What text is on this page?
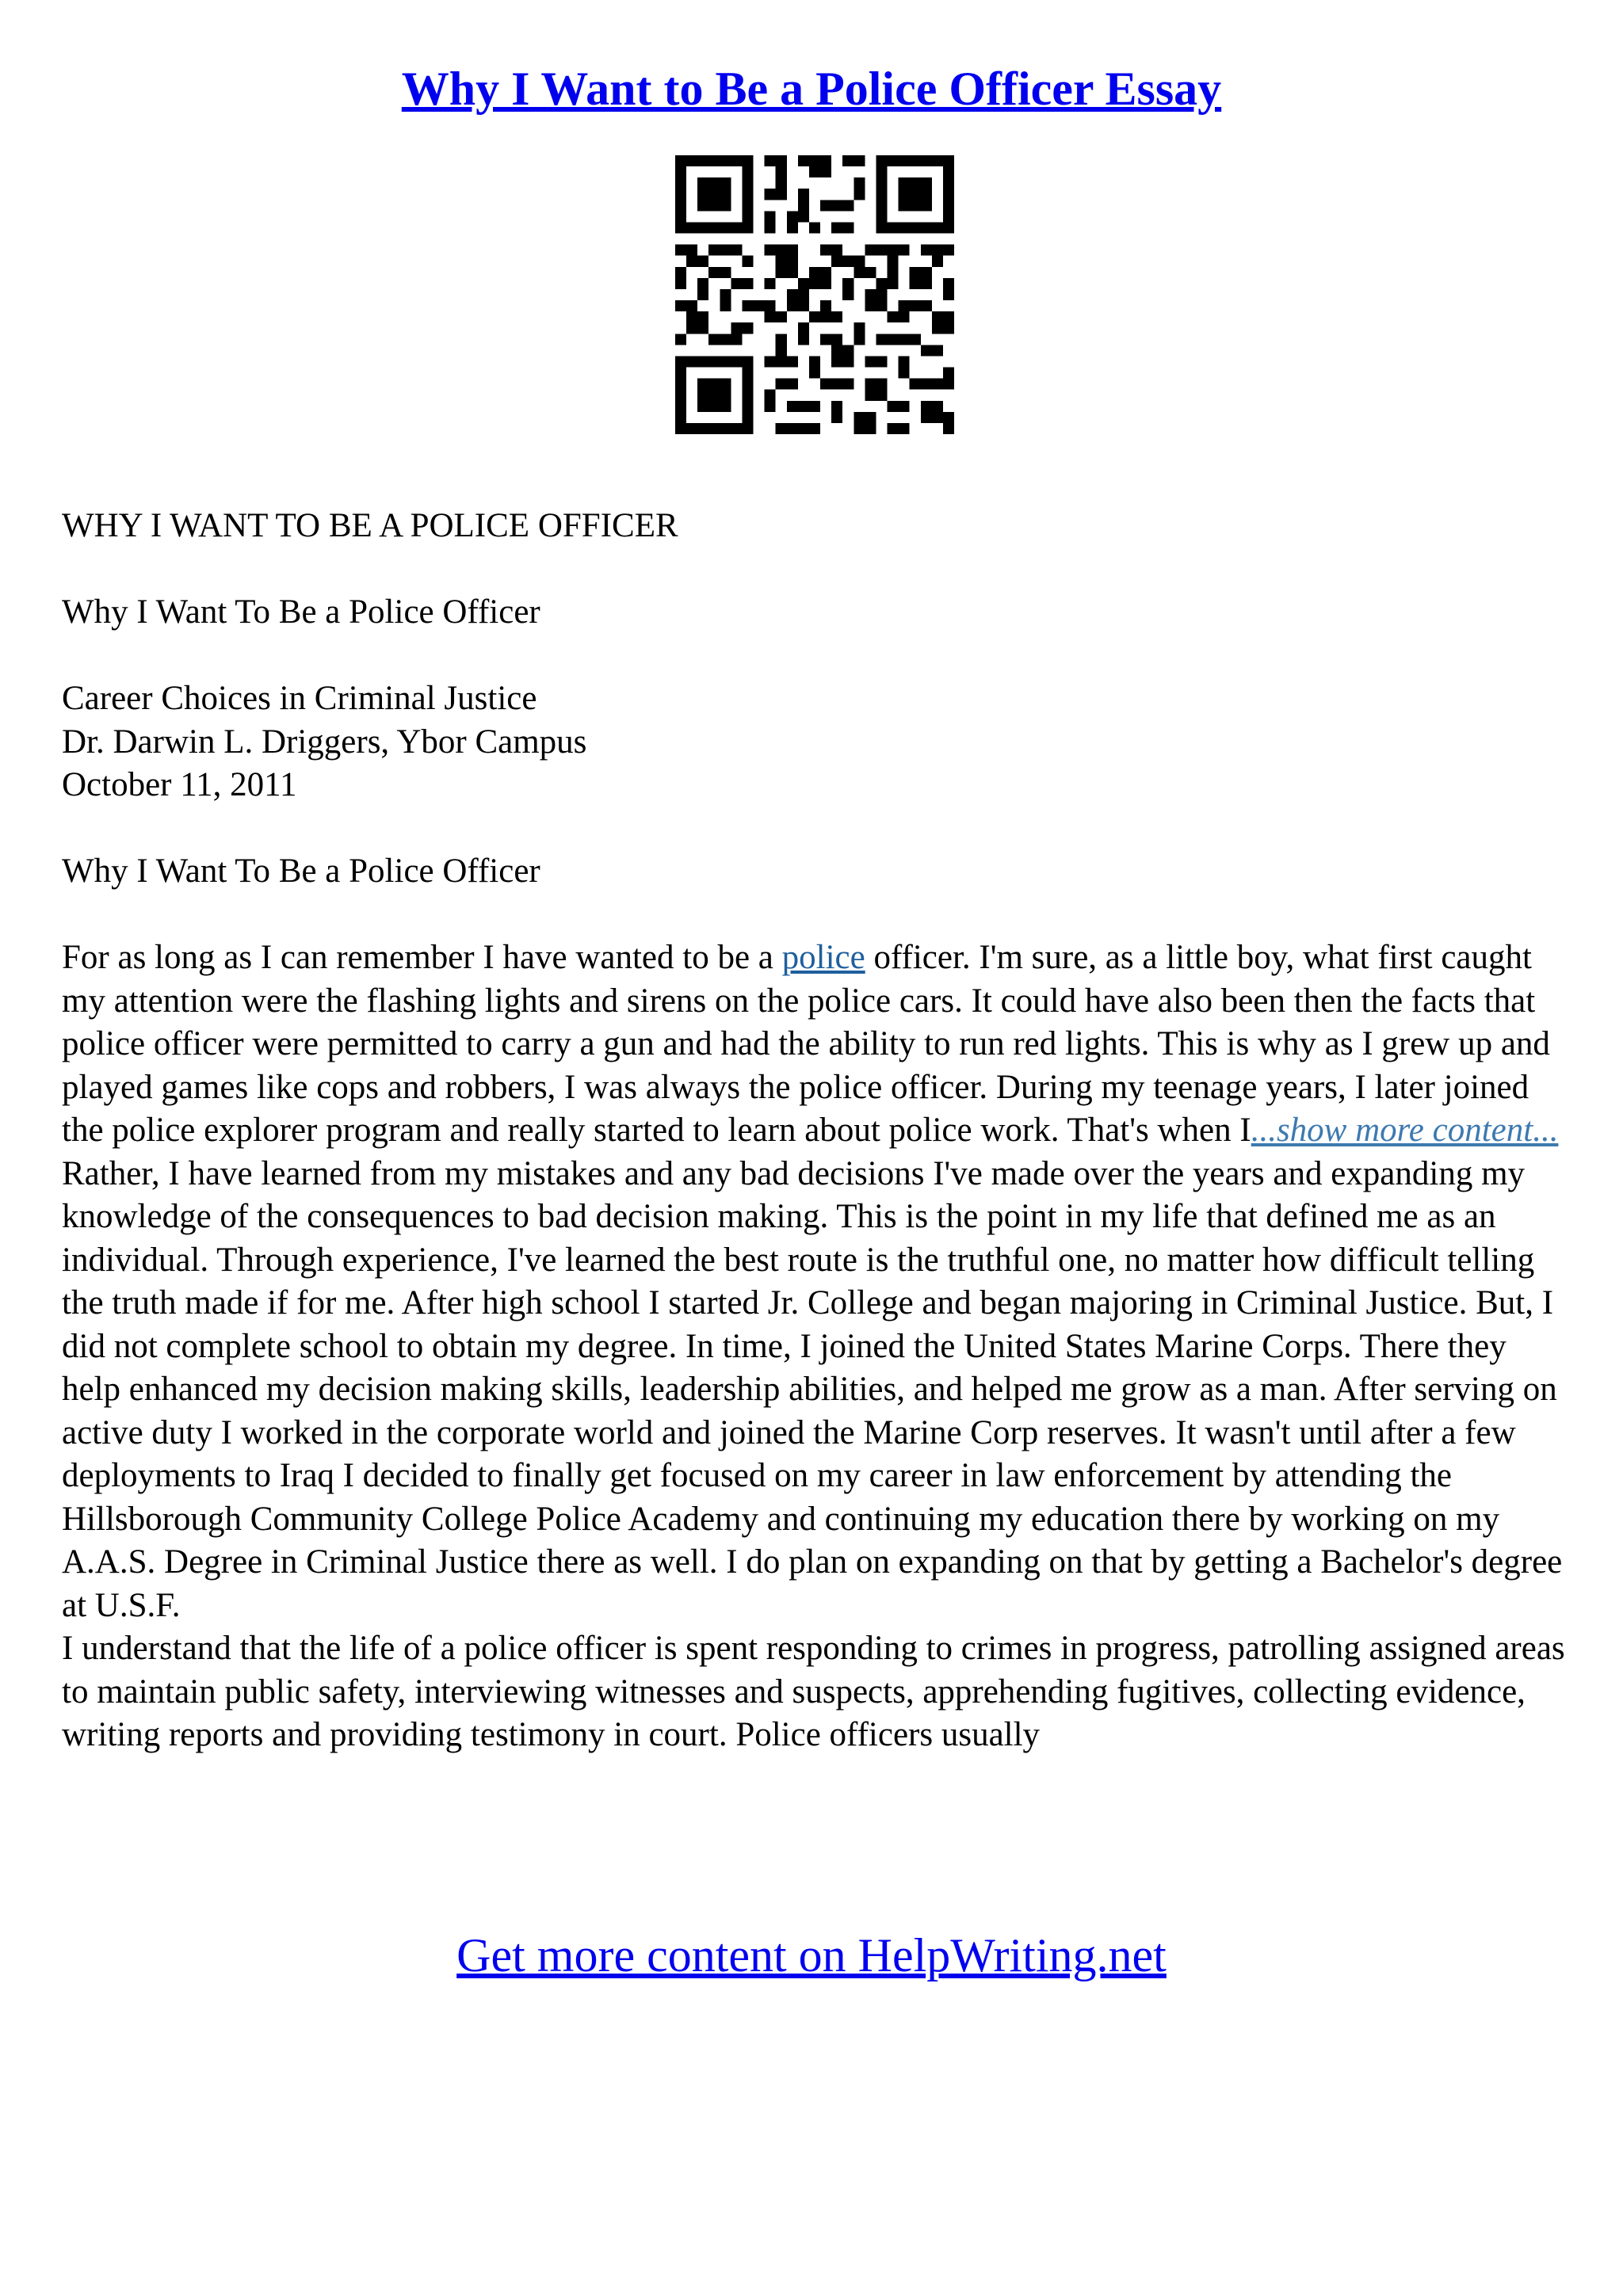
Why I Want to Be a Police Officer Essay

WHY I WANT TO BE A POLICE OFFICER

Why I Want To Be a Police Officer

Career Choices in Criminal Justice

Dr. Darwin L. Driggers, Ybor Campus

October 11, 2011

Why I Want To Be a Police Officer

For as long as I can remember I have wanted to be a police officer. I'm sure, as a little boy, what first caught my attention were the flashing lights and sirens on the police cars. It could have also been then the facts that police officer were permitted to carry a gun and had the ability to run red lights. This is why as I grew up and played games like cops and robbers, I was always the police officer. During my teenage years, I later joined the police explorer program and really started to learn about police work. That's when I...show more content...

Rather, I have learned from my mistakes and any bad decisions I've made over the years and expanding my knowledge of the consequences to bad decision making. This is the point in my life that defined me as an individual. Through experience, I've learned the best route is the truthful one, no matter how difficult telling the truth made if for me. After high school I started Jr. College and began majoring in Criminal Justice. But, I did not complete school to obtain my degree. In time, I joined the United States Marine Corps. There they help enhanced my decision making skills, leadership abilities, and helped me grow as a man. After serving on active duty I worked in the corporate world and joined the Marine Corp reserves. It wasn't until after a few deployments to Iraq I decided to finally get focused on my career in law enforcement by attending the Hillsborough Community College Police Academy and continuing my education there by working on my A.A.S. Degree in Criminal Justice there as well. I do plan on expanding on that by getting a Bachelor's degree at U.S.F.

I understand that the life of a police officer is spent responding to crimes in progress, patrolling assigned areas to maintain public safety, interviewing witnesses and suspects, apprehending fugitives, collecting evidence, writing reports and providing testimony in court. Police officers usually

Get more content on HelpWriting.net
